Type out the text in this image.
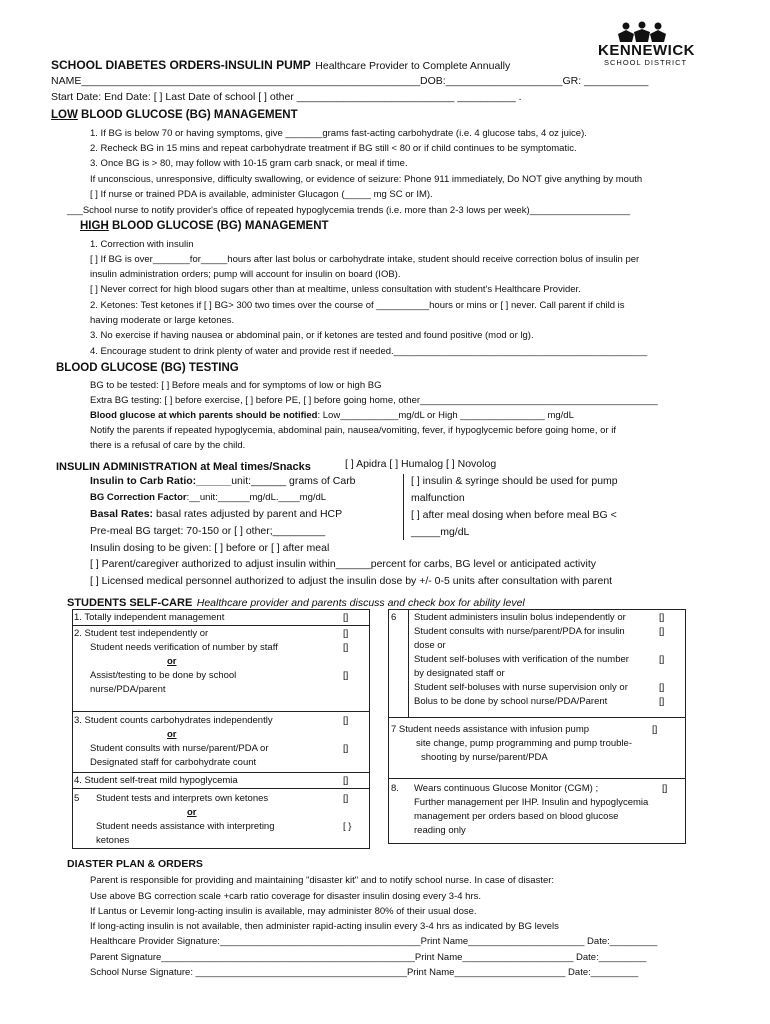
KENNEWICK
SCHOOL DISTRICT
SCHOOL DIABETES ORDERS-INSULIN PUMP Healthcare Provider to Complete Annually
NAME__________________________________________________________DOB:____________________GR: ___________
Start Date: End Date: [ ] Last Date of school [ ] other ___________________________ __________ .
LOW BLOOD GLUCOSE (BG) MANAGEMENT
1. If BG is below 70 or having symptoms, give _______grams fast-acting carbohydrate (i.e. 4 glucose tabs, 4 oz juice).
2. Recheck BG in 15 mins and repeat carbohydrate treatment if BG still < 80 or if child continues to be symptomatic.
3. Once BG is > 80, may follow with 10-15 gram carb snack, or meal if time.
If unconscious, unresponsive, difficulty swallowing, or evidence of seizure: Phone 911 immediately, Do NOT give anything by mouth
[ ] If nurse or trained PDA is available, administer Glucagon (_____ mg SC or IM).
___School nurse to notify provider's office of repeated hypoglycemia trends (i.e. more than 2-3 lows per week)___________________
HIGH BLOOD GLUCOSE (BG) MANAGEMENT
1. Correction with insulin
[ ] If BG is over_______for_____hours after last bolus or carbohydrate intake, student should receive correction bolus of insulin per
insulin administration orders; pump will account for insulin on board (IOB).
[ ] Never correct for high blood sugars other than at mealtime, unless consultation with student's Healthcare Provider.
2. Ketones: Test ketones if [ ] BG> 300 two times over the course of __________hours or mins or [ ] never. Call parent if child is
having moderate or large ketones.
3. No exercise if having nausea or abdominal pain, or if ketones are tested and found positive (mod or lg).
4. Encourage student to drink plenty of water and provide rest if needed.________________________________________________
BLOOD GLUCOSE (BG) TESTING
BG to be tested: [ ] Before meals and for symptoms of low or high BG
Extra BG testing: [ ] before exercise, [ ] before PE, [ ] before going home, other_____________________________________________
Blood glucose at which parents should be notified: Low___________mg/dL or High ________________ mg/dL
Notify the parents if repeated hypoglycemia, abdominal pain, nausea/vomiting, fever, if hypoglycemic before going home, or if
there is a refusal of care by the child.
INSULIN ADMINISTRATION at Meal times/Snacks	[ ] Apidra [ ] Humalog [ ] Novolog
Insulin to Carb Ratio:______unit:______ grams of Carb
BG Correction Factor:__unit:______mg/dL.____mg/dL
Basal Rates: basal rates adjusted by parent and HCP
Pre-meal BG target: 70-150 or [ ] other;_________
Insulin dosing to be given: [ ] before or [ ] after meal
[ ] insulin & syringe should be used for pump
malfunction
[ ] after meal dosing when before meal BG <
_____mg/dL
[ ] Parent/caregiver authorized to adjust insulin within______percent for carbs, BG level or anticipated activity
[ ] Licensed medical personnel authorized to adjust the insulin dose by +/- 0-5 units after consultation with parent
STUDENTS SELF-CARE Healthcare provider and parents discuss and check box for ability level
1. Totally independent management	[]
2. Student test independently or	[]
Student needs verification of number by staff	[]
or
Assist/testing to be done by school	[]
nurse/PDA/parent
3. Student counts carbohydrates independently	[]
or
Student consults with nurse/parent/PDA or	[]
Designated staff for carbohydrate count
4. Student self-treat mild hypoglycemia	[]
5 Student tests and interprets own ketones	[]
or
Student needs assistance with interpreting	[ }
ketones
6 Student administers insulin bolus independently or	[]
Student consults with nurse/parent/PDA for insulin	[]
dose or
Student self-boluses with verification of the number	[]
by designated staff or
Student self-boluses with nurse supervision only or	[]
Bolus to be done by school nurse/PDA/Parent	[]
7 Student needs assistance with infusion pump	[]
site change, pump programming and pump trouble-
shooting by nurse/parent/PDA
8. Wears continuous Glucose Monitor (CGM) ;	[]
Further management per IHP. Insulin and hypoglycemia
management per orders based on blood glucose
reading only
DIASTER PLAN & ORDERS
Parent is responsible for providing and maintaining "disaster kit" and to notify school nurse. In case of disaster:
Use above BG correction scale +carb ratio coverage for disaster insulin dosing every 3-4 hrs.
If Lantus or Levemir long-acting insulin is available, may administer 80% of their usual dose.
If long-acting insulin is not available, then administer rapid-acting insulin every 3-4 hrs as indicated by BG levels
Healthcare Provider Signature:______________________________________Print Name______________________ Date:_________
Parent Signature________________________________________________Print Name_____________________ Date:_________
School Nurse Signature: ________________________________________Print Name_____________________ Date:_________
